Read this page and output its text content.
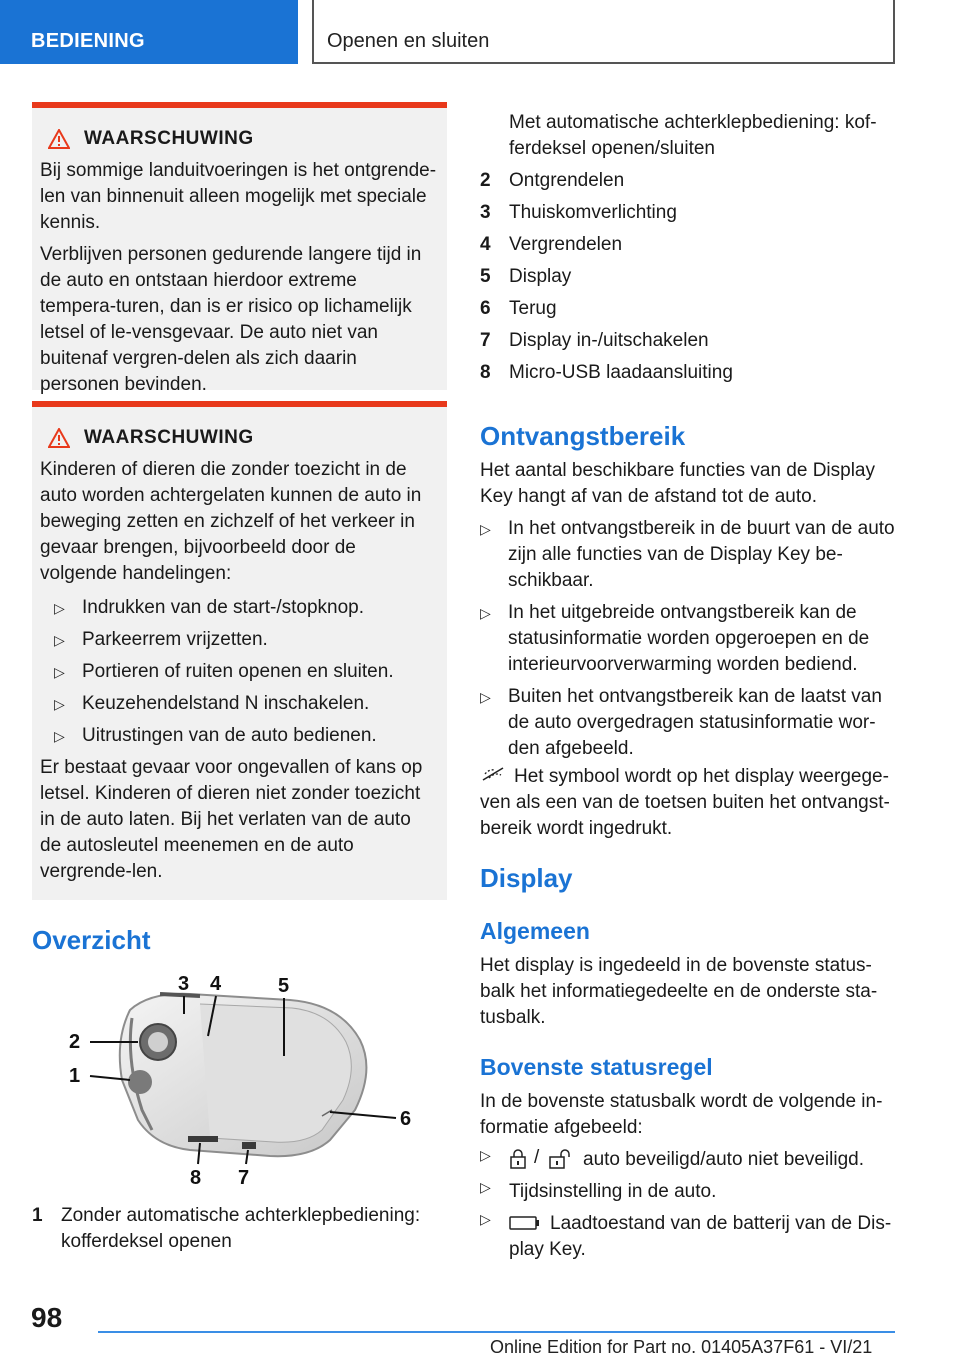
BEDIENING	Openen en sluiten
WAARSCHUWING
Bij sommige landuitvoeringen is het ontgrende-len van binnenuit alleen mogelijk met speciale kennis.
Verblijven personen gedurende langere tijd in de auto en ontstaan hierdoor extreme tempera-turen, dan is er risico op lichamelijk letsel of le-vensgevaar. De auto niet van buitenaf vergren-delen als zich daarin personen bevinden.
WAARSCHUWING
Kinderen of dieren die zonder toezicht in de auto worden achtergelaten kunnen de auto in beweging zetten en zichzelf of het verkeer in gevaar brengen, bijvoorbeeld door de volgende handelingen:
▷ Indrukken van de start-/stopknop.
▷ Parkeerrem vrijzetten.
▷ Portieren of ruiten openen en sluiten.
▷ Keuzehendelstand N inschakelen.
▷ Uitrustingen van de auto bedienen.
Er bestaat gevaar voor ongevallen of kans op letsel. Kinderen of dieren niet zonder toezicht in de auto laten. Bij het verlaten van de auto de autosleutel meenemen en de auto vergrende-len.
Overzicht
3 4	5
2
1
6
7
8
1 Zonder automatische achterklepbediening: kofferdeksel openen
Met automatische achterklepbediening: kof-ferdeksel openen/sluiten
2 Ontgrendelen
3 Thuiskomverlichting
4 Vergrendelen
5 Display
6 Terug
7 Display in-/uitschakelen
8 Micro-USB laadaansluiting
Ontvangstbereik
Het aantal beschikbare functies van de Display Key hangt af van de afstand tot de auto.
▷ In het ontvangstbereik in de buurt van de auto zijn alle functies van de Display Key be-schikbaar.
▷ In het uitgebreide ontvangstbereik kan de statusinformatie worden opgeroepen en de interieurvoorverwarming worden bediend.
▷ Buiten het ontvangstbereik kan de laatst van de auto overgedragen statusinformatie wor-den afgebeeld.
Het symbool wordt op het display weergege-ven als een van de toetsen buiten het ontvangst-bereik wordt ingedrukt.
Display
Algemeen
Het display is ingedeeld in de bovenste status-balk het informatiegedeelte en de onderste sta-tusbalk.
Bovenste statusregel
In de bovenste statusbalk wordt de volgende in-formatie afgebeeld:
▷ / auto beveiligd/auto niet beveiligd.
▷ Tijdsinstelling in de auto.
▷	Laadtoestand van de batterij van de Dis-play Key.
98
Online Edition for Part no. 01405A37F61 - VI/21
